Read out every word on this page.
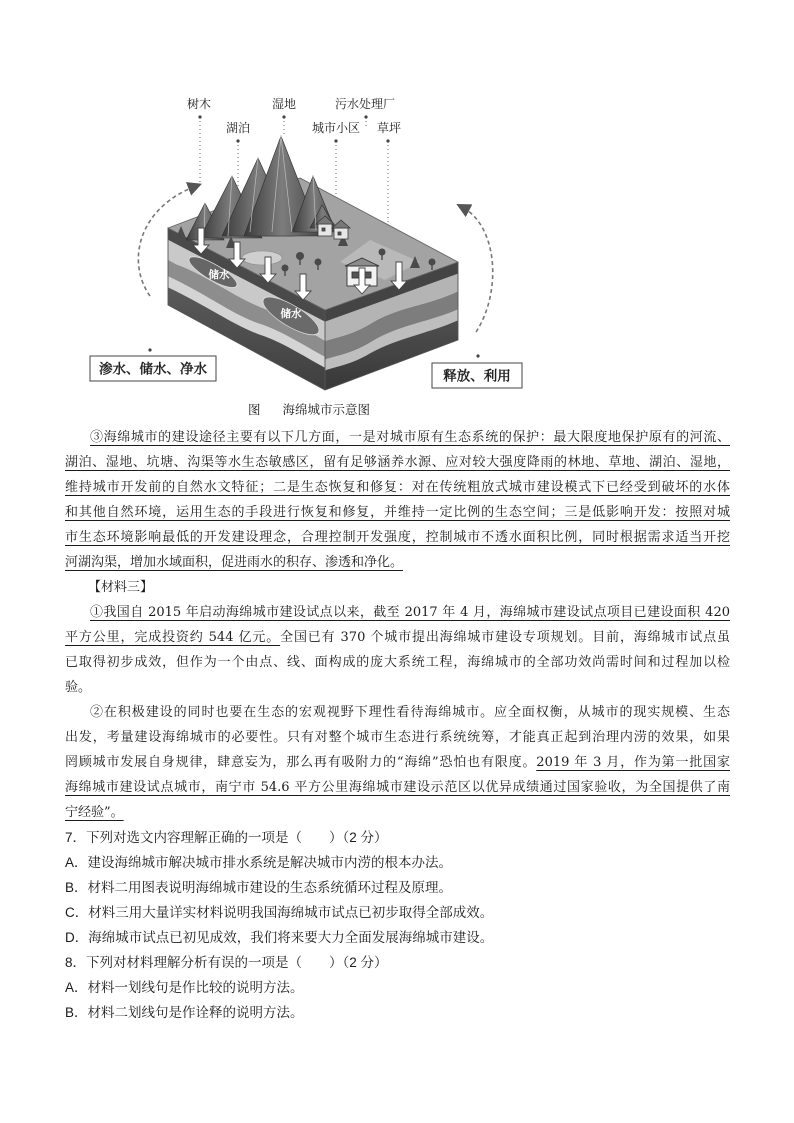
树木	湿地	污水处理厂
湖泊	城市小区 草坪
储水
储水
渗水、储水、净水	释放、利用
图 海绵城市示意图
③海绵城市的建设途径主要有以下几方面，一是对城市原有生态系统的保护：最大限度地保护原有的河流、
湖泊、湿地、坑塘、沟渠等水生态敏感区，留有足够涵养水源、应对较大强度降雨的林地、草地、湖泊、湿地，
维持城市开发前的自然水文特征；二是生态恢复和修复：对在传统粗放式城市建设模式下已经受到破坏的水体
和其他自然环境，运用生态的手段进行恢复和修复，并维持一定比例的生态空间；三是低影响开发：按照对城
市生态环境影响最低的开发建设理念，合理控制开发强度，控制城市不透水面积比例，同时根据需求适当开挖
河湖沟渠，增加水域面积，促进雨水的积存、渗透和净化。
【材料三】
①我国自 2015 年启动海绵城市建设试点以来，截至 2017 年 4 月，海绵城市建设试点项目已建设面积 420
平方公里，完成投资约 544 亿元。全国已有 370 个城市提出海绵城市建设专项规划。目前，海绵城市试点虽
已取得初步成效，但作为一个由点、线、面构成的庞大系统工程，海绵城市的全部功效尚需时间和过程加以检
验。
②在积极建设的同时也要在生态的宏观视野下理性看待海绵城市。应全面权衡，从城市的现实规模、生态
出发，考量建设海绵城市的必要性。只有对整个城市生态进行系统统筹，才能真正起到治理内涝的效果，如果
罔顾城市发展自身规律，肆意妄为，那么再有吸附力的“海绵”恐怕也有限度。2019 年 3 月，作为第一批国家
海绵城市建设试点城市，南宁市 54.6 平方公里海绵城市建设示范区以优异成绩通过国家验收，为全国提供了南
宁经验”。
7．下列对选文内容理解正确的一项是（　　）（2 分）
A．建设海绵城市解决城市排水系统是解决城市内涝的根本办法。
B．材料二用图表说明海绵城市建设的生态系统循环过程及原理。
C．材料三用大量详实材料说明我国海绵城市试点已初步取得全部成效。
D．海绵城市试点已初见成效，我们将来要大力全面发展海绵城市建设。
8．下列对材料理解分析有误的一项是（　　）（2 分）
A．材料一划线句是作比较的说明方法。
B．材料二划线句是作诠释的说明方法。
